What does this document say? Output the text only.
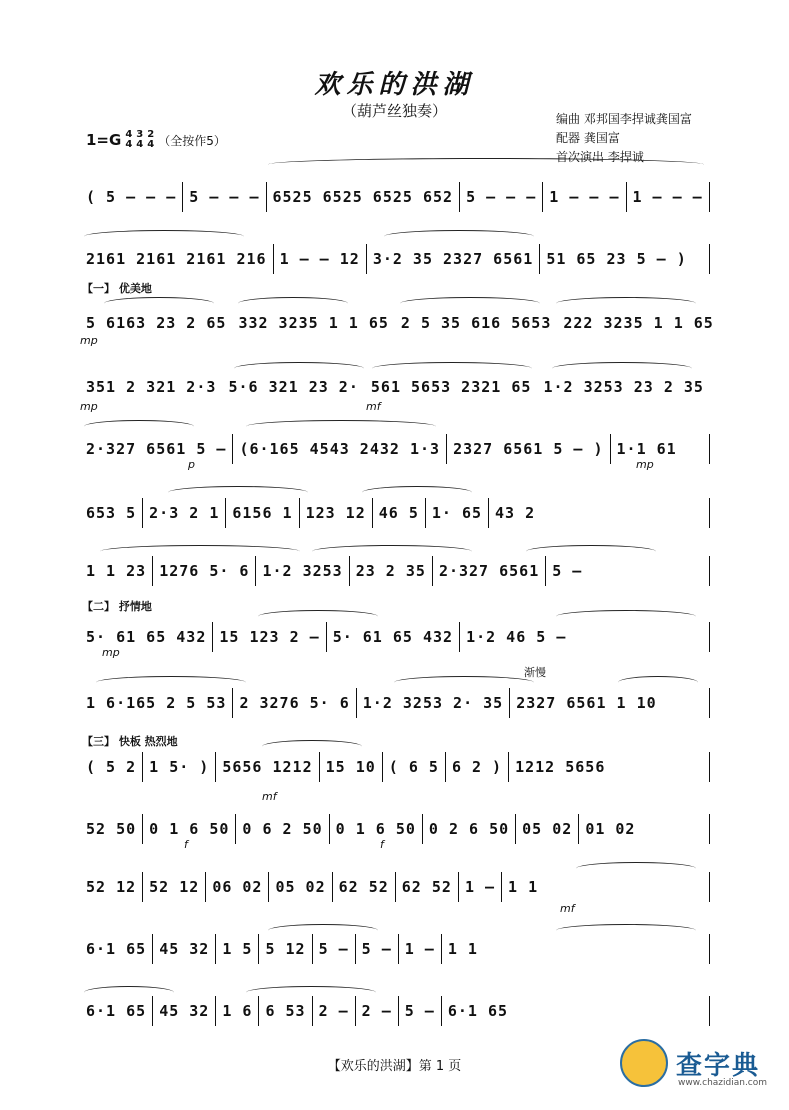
欢乐的洪湖
（葫芦丝独奏）	编曲 邓邦国李捍诚龚国富
配器 龚国富
首次演出 李捍诚
1=G 4
4
3
4
2
4 （全按作5）
( 5 – – – 5 – – – 6525 6525 6525 652 5 – – – 1 – – – 1 – – –
2161 2161 2161 216 1 – – 12 3·2 35 2327 6561 51 65 23 5 – )
5 6163 23 2 65 332 3235 1 1 65 2 5 35 616 5653 222 3235 1 1 65
351 2 321 2·3 5·6 321 23 2· 561 5653 2321 65 1·2 3253 23 2 35
2·327 6561 5 – (6·165 4543 2432 1·3 2327 6561 5 – ) 1·1 61
653 5 2·3 2 1 6156 1 123 12 46 5 1· 65 43 2
1 1 23 1276 5· 6 1·2 3253 23 2 35 2·327 6561 5 –
5· 61 65 432 15 123 2 – 5· 61 65 432 1·2 46 5 –
1 6·165 2 5 53 2 3276 5· 6 1·2 3253 2· 35 2327 6561 1 10
( 5 2 1 5· ) 5656 1212 15 10 ( 6 5 6 2 ) 1212 5656
52 50 0 1 6 50 0 6 2 50 0 1 6 50 0 2 6 50 05 02 01 02
52 12 52 12 06 02 05 02 62 52 62 52 1 – 1 1
6·1 65 45 32 1 5 5 12 5 – 5 – 1 – 1 1
6·1 65 45 32 1 6 6 53 2 – 2 – 5 – 6·1 65
【一】 优美地
【二】 抒情地
【三】 快板 热烈地
渐慢
mp
mp	mf
p	mp
mp
mf
f	f
mf
【欢乐的洪湖】第 1 页	查字典
www.chazidian.com
